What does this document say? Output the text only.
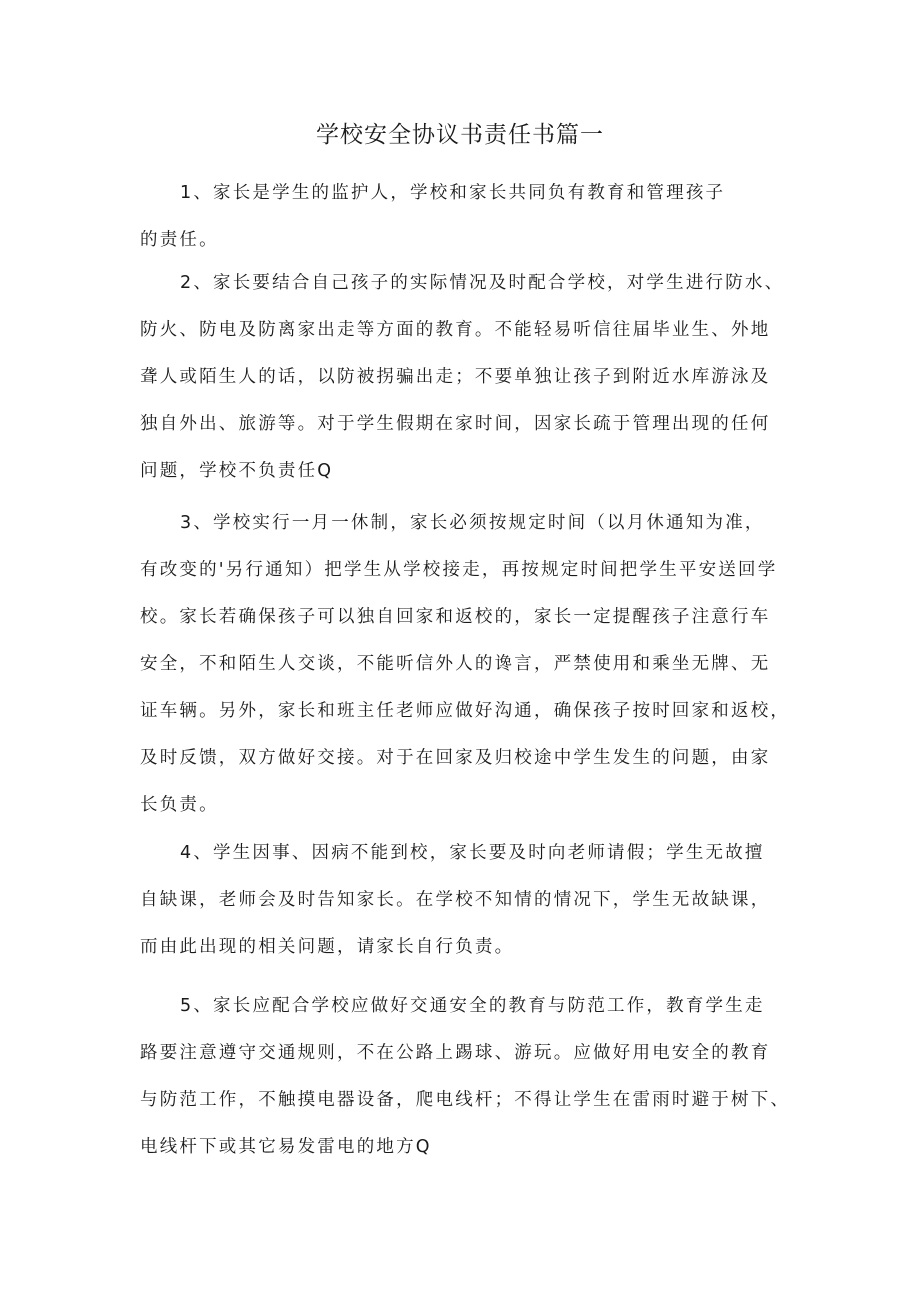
学校安全协议书责任书篇一
1、家长是学生的监护人，学校和家长共同负有教育和管理孩子
的责任。
2、家长要结合自己孩子的实际情况及时配合学校，对学生进行防水、
防火、防电及防离家出走等方面的教育。不能轻易听信往届毕业生、外地
聋人或陌生人的话，以防被拐骗出走；不要单独让孩子到附近水库游泳及
独自外出、旅游等。对于学生假期在家时间，因家长疏于管理出现的任何
问题，学校不负责任Q
3、学校实行一月一休制，家长必须按规定时间（以月休通知为准，
有改变的'另行通知）把学生从学校接走，再按规定时间把学生平安送回学
校。家长若确保孩子可以独自回家和返校的，家长一定提醒孩子注意行车
安全，不和陌生人交谈，不能听信外人的谗言，严禁使用和乘坐无牌、无
证车辆。另外，家长和班主任老师应做好沟通，确保孩子按时回家和返校，
及时反馈，双方做好交接。对于在回家及归校途中学生发生的问题，由家
长负责。
4、学生因事、因病不能到校，家长要及时向老师请假；学生无故擅
自缺课，老师会及时告知家长。在学校不知情的情况下，学生无故缺课，
而由此出现的相关问题，请家长自行负责。
5、家长应配合学校应做好交通安全的教育与防范工作，教育学生走
路要注意遵守交通规则，不在公路上踢球、游玩。应做好用电安全的教育
与防范工作，不触摸电器设备，爬电线杆；不得让学生在雷雨时避于树下、
电线杆下或其它易发雷电的地方Q
